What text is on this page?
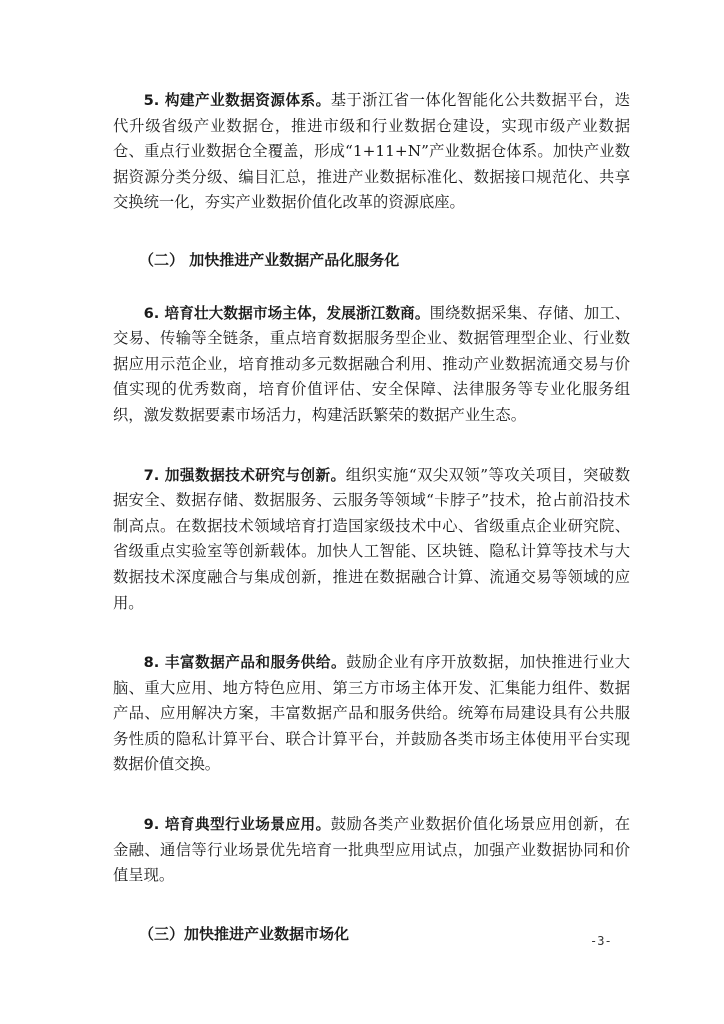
5. 构建产业数据资源体系。基于浙江省一体化智能化公共数据平台，迭代升级省级产业数据仓，推进市级和行业数据仓建设，实现市级产业数据仓、重点行业数据仓全覆盖，形成“1+11+N”产业数据仓体系。加快产业数据资源分类分级、编目汇总，推进产业数据标准化、数据接口规范化、共享交换统一化，夯实产业数据价值化改革的资源底座。

（二） 加快推进产业数据产品化服务化

6. 培育壮大数据市场主体，发展浙江数商。围绕数据采集、存储、加工、交易、传输等全链条，重点培育数据服务型企业、数据管理型企业、行业数据应用示范企业，培育推动多元数据融合利用、推动产业数据流通交易与价值实现的优秀数商，培育价值评估、安全保障、法律服务等专业化服务组织，激发数据要素市场活力，构建活跃繁荣的数据产业生态。

7. 加强数据技术研究与创新。组织实施“双尖双领”等攻关项目，突破数据安全、数据存储、数据服务、云服务等领域“卡脖子”技术，抢占前沿技术制高点。在数据技术领域培育打造国家级技术中心、省级重点企业研究院、省级重点实验室等创新载体。加快人工智能、区块链、隐私计算等技术与大数据技术深度融合与集成创新，推进在数据融合计算、流通交易等领域的应用。

8. 丰富数据产品和服务供给。鼓励企业有序开放数据，加快推进行业大脑、重大应用、地方特色应用、第三方市场主体开发、汇集能力组件、数据产品、应用解决方案，丰富数据产品和服务供给。统筹布局建设具有公共服务性质的隐私计算平台、联合计算平台，并鼓励各类市场主体使用平台实现数据价值交换。

9. 培育典型行业场景应用。鼓励各类产业数据价值化场景应用创新，在金融、通信等行业场景优先培育一批典型应用试点，加强产业数据协同和价值呈现。

（三）加快推进产业数据市场化	-3-
